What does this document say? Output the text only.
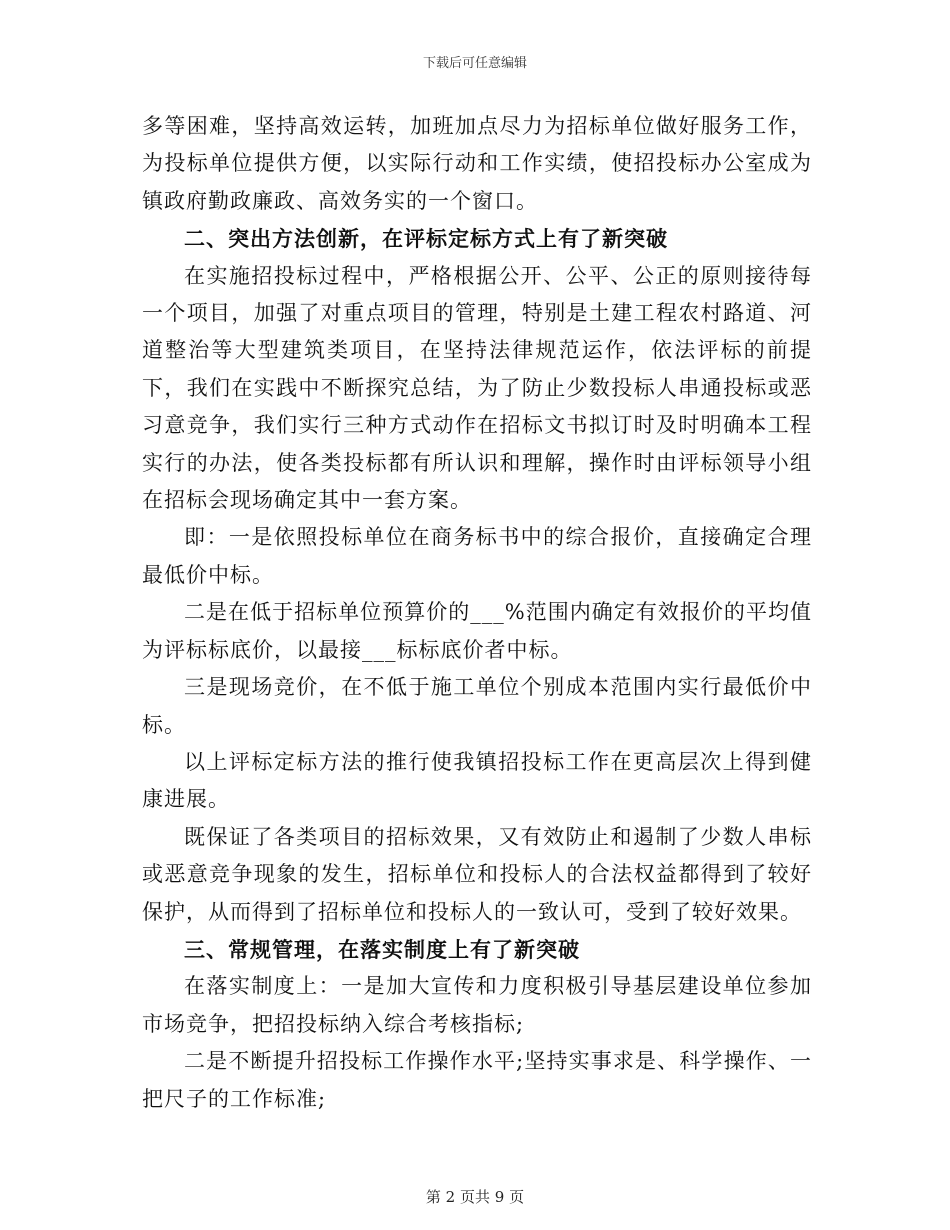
下载后可任意编辑

多等困难，坚持高效运转，加班加点尽力为招标单位做好服务工作，为投标单位提供方便，以实际行动和工作实绩，使招投标办公室成为镇政府勤政廉政、高效务实的一个窗口。

二、突出方法创新，在评标定标方式上有了新突破

在实施招投标过程中，严格根据公开、公平、公正的原则接待每一个项目，加强了对重点项目的管理，特别是土建工程农村路道、河道整治等大型建筑类项目，在坚持法律规范运作，依法评标的前提下，我们在实践中不断探究总结，为了防止少数投标人串通投标或恶习意竞争，我们实行三种方式动作在招标文书拟订时及时明确本工程实行的办法，使各类投标都有所认识和理解，操作时由评标领导小组在招标会现场确定其中一套方案。

即：一是依照投标单位在商务标书中的综合报价，直接确定合理最低价中标。

二是在低于招标单位预算价的___%范围内确定有效报价的平均值为评标标底价，以最接___标标底价者中标。

三是现场竞价，在不低于施工单位个别成本范围内实行最低价中标。

以上评标定标方法的推行使我镇招投标工作在更高层次上得到健康进展。

既保证了各类项目的招标效果，又有效防止和遏制了少数人串标或恶意竞争现象的发生，招标单位和投标人的合法权益都得到了较好保护，从而得到了招标单位和投标人的一致认可，受到了较好效果。

三、常规管理，在落实制度上有了新突破

在落实制度上：一是加大宣传和力度积极引导基层建设单位参加市场竞争，把招投标纳入综合考核指标;

二是不断提升招投标工作操作水平;坚持实事求是、科学操作、一把尺子的工作标准;

第 2 页共 9 页
